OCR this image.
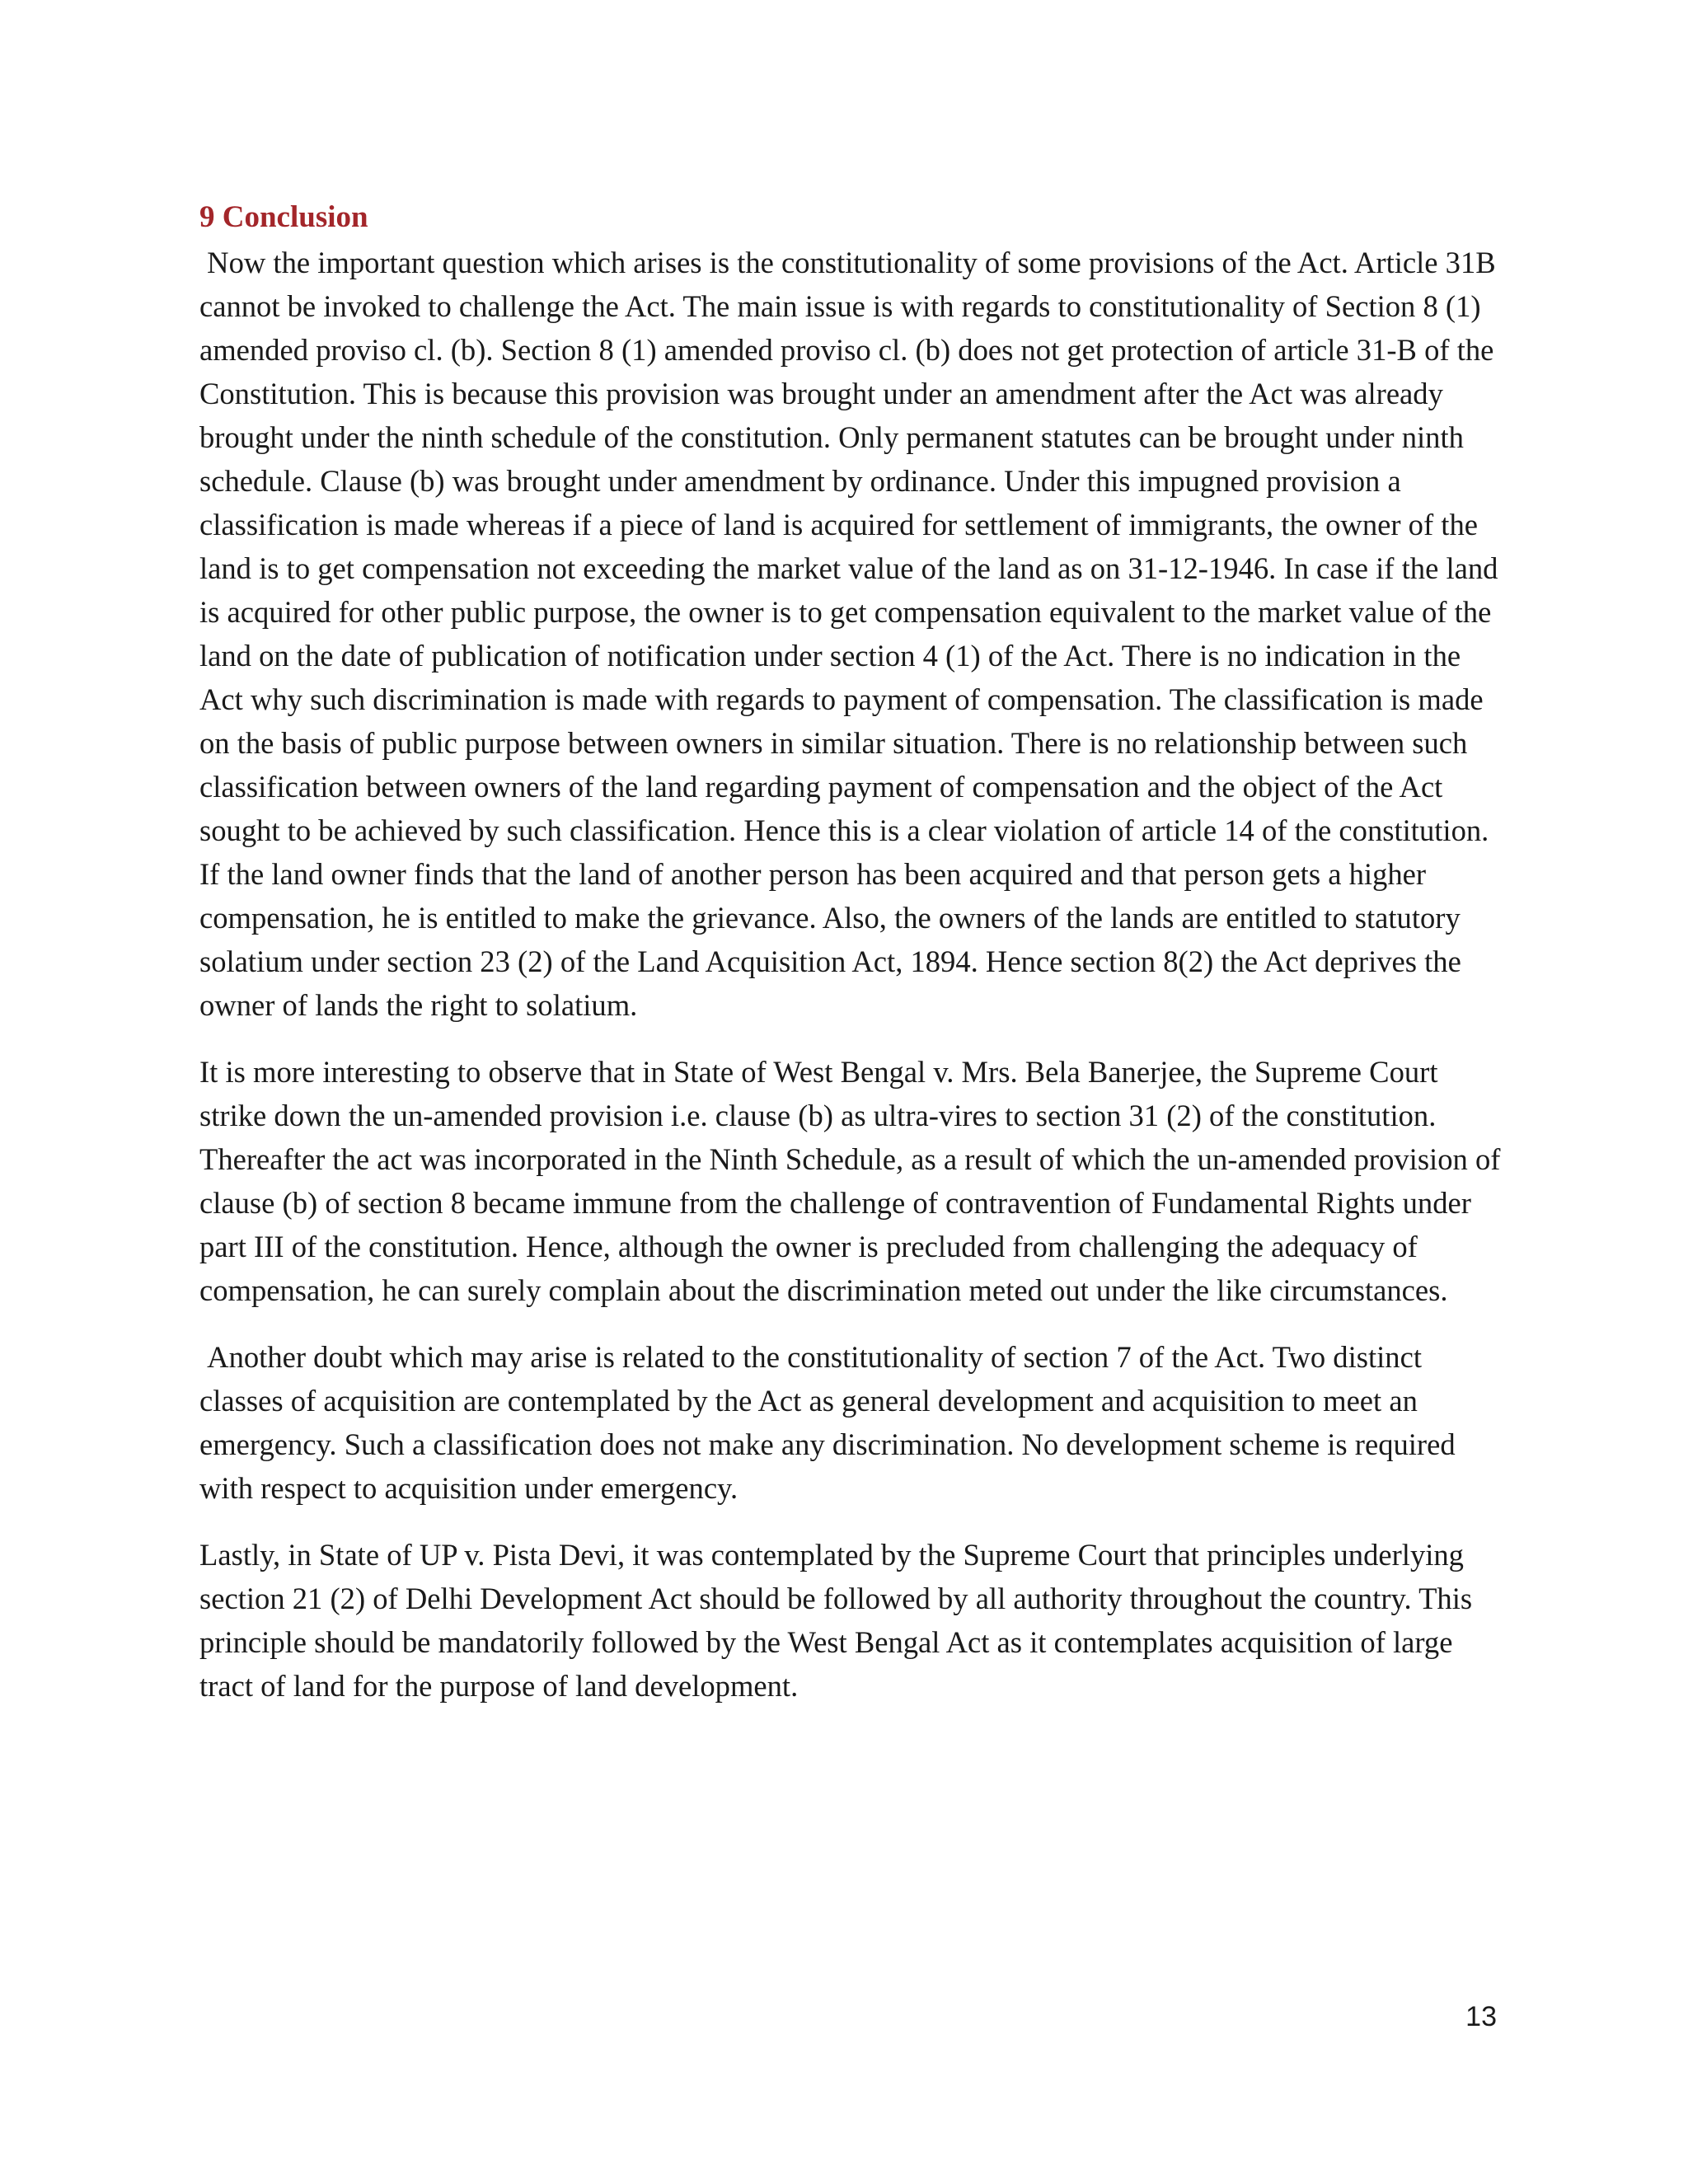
9 Conclusion

Now the important question which arises is the constitutionality of some provisions of the Act. Article 31B cannot be invoked to challenge the Act. The main issue is with regards to constitutionality of Section 8 (1) amended proviso cl. (b). Section 8 (1) amended proviso cl. (b) does not get protection of article 31-B of the Constitution. This is because this provision was brought under an amendment after the Act was already brought under the ninth schedule of the constitution. Only permanent statutes can be brought under ninth schedule. Clause (b) was brought under amendment by ordinance. Under this impugned provision a classification is made whereas if a piece of land is acquired for settlement of immigrants, the owner of the land is to get compensation not exceeding the market value of the land as on 31-12-1946. In case if the land is acquired for other public purpose, the owner is to get compensation equivalent to the market value of the land on the date of publication of notification under section 4 (1) of the Act. There is no indication in the Act why such discrimination is made with regards to payment of compensation. The classification is made on the basis of public purpose between owners in similar situation. There is no relationship between such classification between owners of the land regarding payment of compensation and the object of the Act sought to be achieved by such classification. Hence this is a clear violation of article 14 of the constitution. If the land owner finds that the land of another person has been acquired and that person gets a higher compensation, he is entitled to make the grievance. Also, the owners of the lands are entitled to statutory solatium under section 23 (2) of the Land Acquisition Act, 1894. Hence section 8(2) the Act deprives the owner of lands the right to solatium.

It is more interesting to observe that in State of West Bengal v. Mrs. Bela Banerjee, the Supreme Court strike down the un-amended provision i.e. clause (b) as ultra-vires to section 31 (2) of the constitution. Thereafter the act was incorporated in the Ninth Schedule, as a result of which the un-amended provision of clause (b) of section 8 became immune from the challenge of contravention of Fundamental Rights under part III of the constitution. Hence, although the owner is precluded from challenging the adequacy of compensation, he can surely complain about the discrimination meted out under the like circumstances.

Another doubt which may arise is related to the constitutionality of section 7 of the Act. Two distinct classes of acquisition are contemplated by the Act as general development and acquisition to meet an emergency. Such a classification does not make any discrimination. No development scheme is required with respect to acquisition under emergency.

Lastly, in State of UP v. Pista Devi, it was contemplated by the Supreme Court that principles underlying section 21 (2) of Delhi Development Act should be followed by all authority throughout the country. This principle should be mandatorily followed by the West Bengal Act as it contemplates acquisition of large tract of land for the purpose of land development.

13
